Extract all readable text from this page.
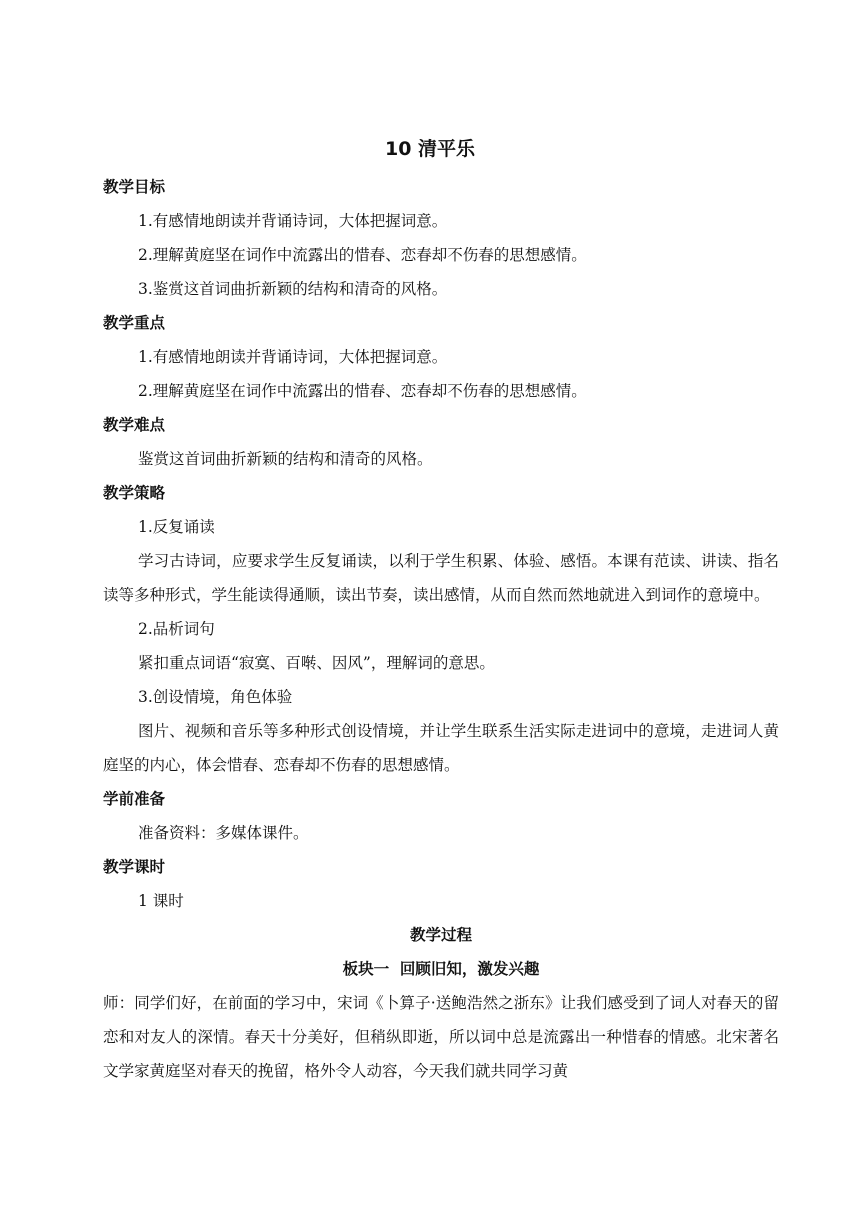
10 清平乐
教学目标

1.有感情地朗读并背诵诗词，大体把握词意。

2.理解黄庭坚在词作中流露出的惜春、恋春却不伤春的思想感情。

3.鉴赏这首词曲折新颖的结构和清奇的风格。

教学重点

1.有感情地朗读并背诵诗词，大体把握词意。

2.理解黄庭坚在词作中流露出的惜春、恋春却不伤春的思想感情。

教学难点

鉴赏这首词曲折新颖的结构和清奇的风格。

教学策略

1.反复诵读

学习古诗词，应要求学生反复诵读，以利于学生积累、体验、感悟。本课有范读、讲读、指名读等多种形式，学生能读得通顺，读出节奏，读出感情，从而自然而然地就进入到词作的意境中。

2.品析词句

紧扣重点词语“寂寞、百啭、因风”，理解词的意思。

3.创设情境，角色体验

图片、视频和音乐等多种形式创设情境，并让学生联系生活实际走进词中的意境，走进词人黄庭坚的内心，体会惜春、恋春却不伤春的思想感情。

学前准备

准备资料：多媒体课件。

教学课时

1 课时

教学过程

板块一  回顾旧知，激发兴趣

师：同学们好，在前面的学习中，宋词《卜算子·送鲍浩然之浙东》让我们感受到了词人对春天的留恋和对友人的深情。春天十分美好，但稍纵即逝，所以词中总是流露出一种惜春的情感。北宋著名文学家黄庭坚对春天的挽留，格外令人动容，今天我们就共同学习黄
